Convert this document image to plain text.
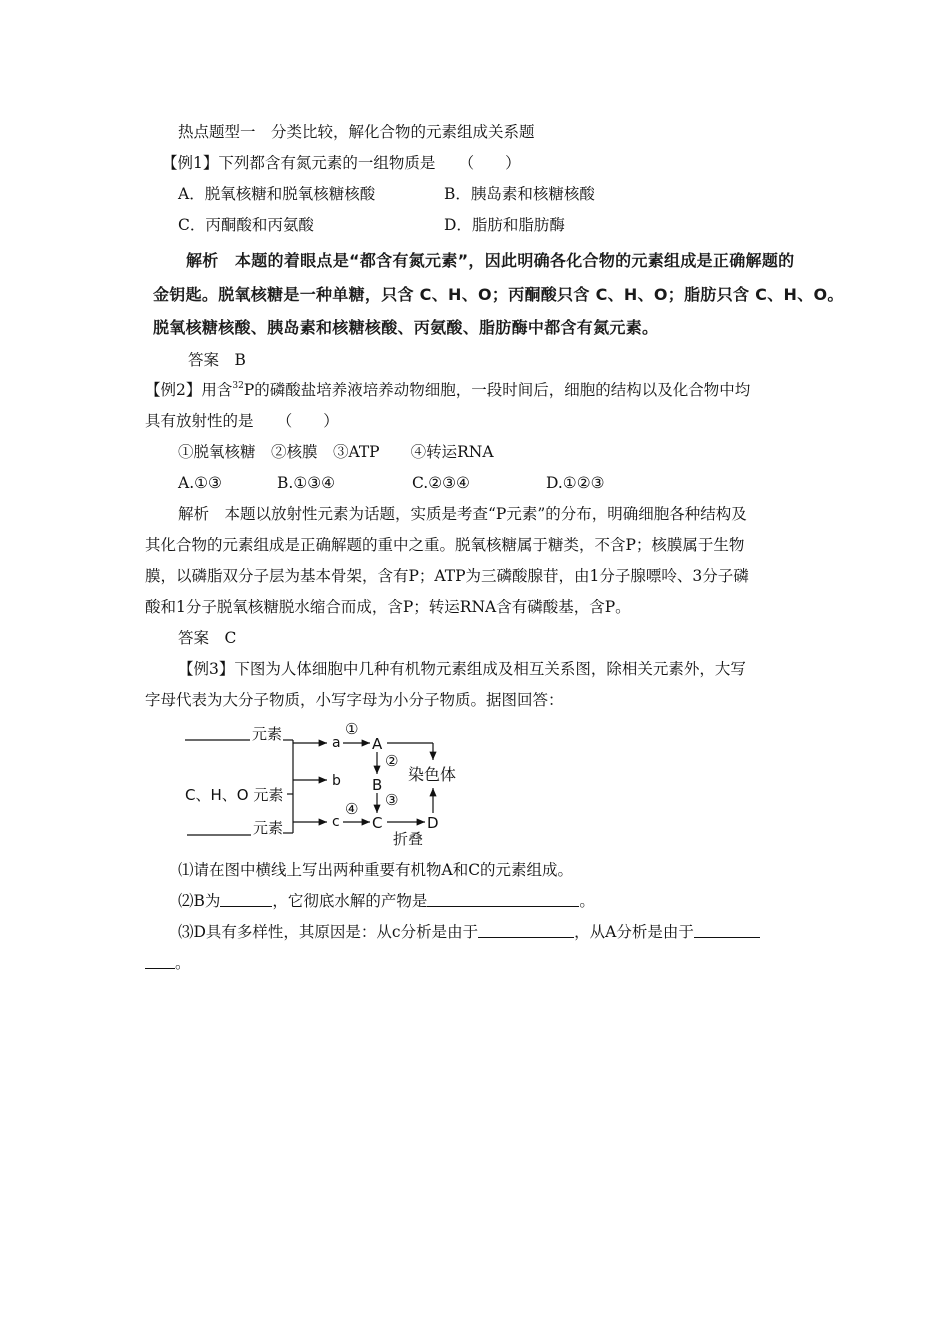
热点题型一　分类比较，解化合物的元素组成关系题
【例1】下列都含有氮元素的一组物质是　　（　　）
A．脱氧核糖和脱氧核糖核酸	B．胰岛素和核糖核酸
C．丙酮酸和丙氨酸	D．脂肪和脂肪酶
解析　本题的着眼点是“都含有氮元素”，因此明确各化合物的元素组成是正确解题的
金钥匙。脱氧核糖是一种单糖，只含 C、H、O；丙酮酸只含 C、H、O；脂肪只含 C、H、O。
脱氧核糖核酸、胰岛素和核糖核酸、丙氨酸、脂肪酶中都含有氮元素。
答案　B
【例2】用含$^{32}$P的磷酸盐培养液培养动物细胞，一段时间后，细胞的结构以及化合物中均
具有放射性的是　　（　　）
①脱氧核糖　②核膜　③ATP　　④转运RNA
A.①③	B.①③④	C.②③④	D.①②③
解析　本题以放射性元素为话题，实质是考查“P元素”的分布，明确细胞各种结构及
其化合物的元素组成是正确解题的重中之重。脱氧核糖属于糖类，不含P；核膜属于生物
膜，以磷脂双分子层为基本骨架，含有P；ATP为三磷酸腺苷，由1分子腺嘌呤、3分子磷
酸和1分子脱氧核糖脱水缩合而成，含P；转运RNA含有磷酸基，含P。
答案　C
【例3】下图为人体细胞中几种有机物元素组成及相互关系图，除相关元素外，大写
字母代表为大分子物质，小写字母为小分子物质。据图回答：
元素
C、H、O 元素
元素
a
b
c
①
④
A
B
C
②
③
染色体
D
折叠
⑴请在图中横线上写出两种重要有机物A和C的元素组成。
⑵B为	，它彻底水解的产物是	。
⑶D具有多样性，其原因是：从c分析是由于	，从A分析是由于
。
